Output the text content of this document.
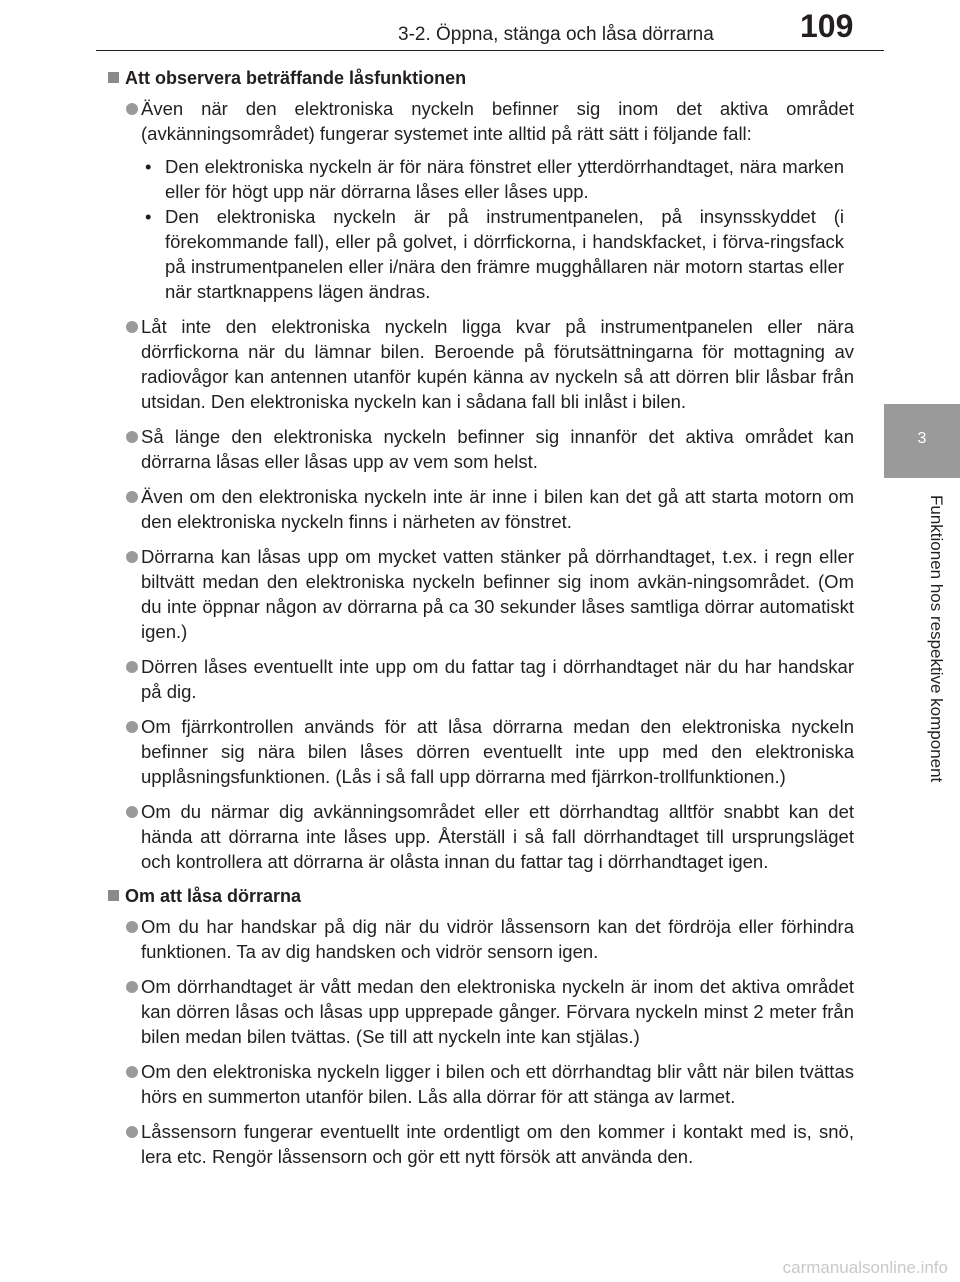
3-2. Öppna, stänga och låsa dörrarna	109
3
Funktionen hos respektive komponent
Att observera beträffande låsfunktionen
Även när den elektroniska nyckeln befinner sig inom det aktiva området (avkänningsområdet) fungerar systemet inte alltid på rätt sätt i följande fall:
• Den elektroniska nyckeln är för nära fönstret eller ytterdörrhandtaget, nära marken eller för högt upp när dörrarna låses eller låses upp.
• Den elektroniska nyckeln är på instrumentpanelen, på insynsskyddet (i förekommande fall), eller på golvet, i dörrfickorna, i handskfacket, i förva-ringsfack på instrumentpanelen eller i/nära den främre mugghållaren när motorn startas eller när startknappens lägen ändras.
Låt inte den elektroniska nyckeln ligga kvar på instrumentpanelen eller nära dörrfickorna när du lämnar bilen. Beroende på förutsättningarna för mottagning av radiovågor kan antennen utanför kupén känna av nyckeln så att dörren blir låsbar från utsidan. Den elektroniska nyckeln kan i sådana fall bli inlåst i bilen.
Så länge den elektroniska nyckeln befinner sig innanför det aktiva området kan dörrarna låsas eller låsas upp av vem som helst.
Även om den elektroniska nyckeln inte är inne i bilen kan det gå att starta motorn om den elektroniska nyckeln finns i närheten av fönstret.
Dörrarna kan låsas upp om mycket vatten stänker på dörrhandtaget, t.ex. i regn eller biltvätt medan den elektroniska nyckeln befinner sig inom avkän-ningsområdet. (Om du inte öppnar någon av dörrarna på ca 30 sekunder låses samtliga dörrar automatiskt igen.)
Dörren låses eventuellt inte upp om du fattar tag i dörrhandtaget när du har handskar på dig.
Om fjärrkontrollen används för att låsa dörrarna medan den elektroniska nyckeln befinner sig nära bilen låses dörren eventuellt inte upp med den elektroniska upplåsningsfunktionen. (Lås i så fall upp dörrarna med fjärrkon-trollfunktionen.)
Om du närmar dig avkänningsområdet eller ett dörrhandtag alltför snabbt kan det hända att dörrarna inte låses upp. Återställ i så fall dörrhandtaget till ursprungsläget och kontrollera att dörrarna är olåsta innan du fattar tag i dörrhandtaget igen.
Om att låsa dörrarna
Om du har handskar på dig när du vidrör låssensorn kan det fördröja eller förhindra funktionen. Ta av dig handsken och vidrör sensorn igen.
Om dörrhandtaget är vått medan den elektroniska nyckeln är inom det aktiva området kan dörren låsas och låsas upp upprepade gånger. Förvara nyckeln minst 2 meter från bilen medan bilen tvättas. (Se till att nyckeln inte kan stjälas.)
Om den elektroniska nyckeln ligger i bilen och ett dörrhandtag blir vått när bilen tvättas hörs en summerton utanför bilen. Lås alla dörrar för att stänga av larmet.
Låssensorn fungerar eventuellt inte ordentligt om den kommer i kontakt med is, snö, lera etc. Rengör låssensorn och gör ett nytt försök att använda den.
carmanualsonline.info
